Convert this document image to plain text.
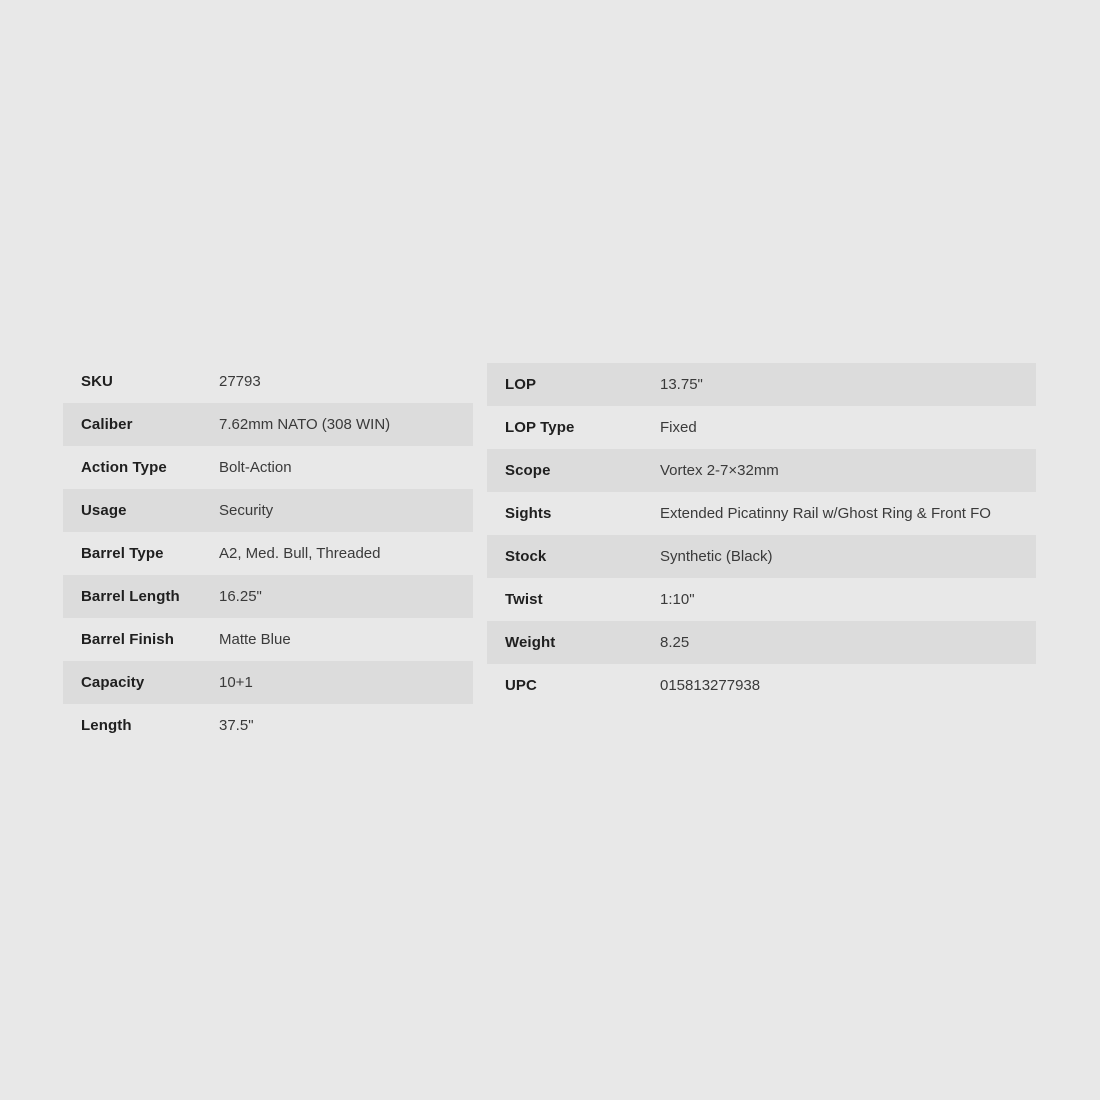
SKU	27793
Caliber	7.62mm NATO (308 WIN)
Action Type	Bolt-Action
Usage	Security
Barrel Type	A2, Med. Bull, Threaded
Barrel Length	16.25"
Barrel Finish	Matte Blue
Capacity	10+1
Length	37.5"
LOP	13.75"
LOP Type	Fixed
Scope	Vortex 2-7×32mm
Sights	Extended Picatinny Rail w/Ghost Ring & Front FO
Stock	Synthetic (Black)
Twist	1:10"
Weight	8.25
UPC	015813277938
